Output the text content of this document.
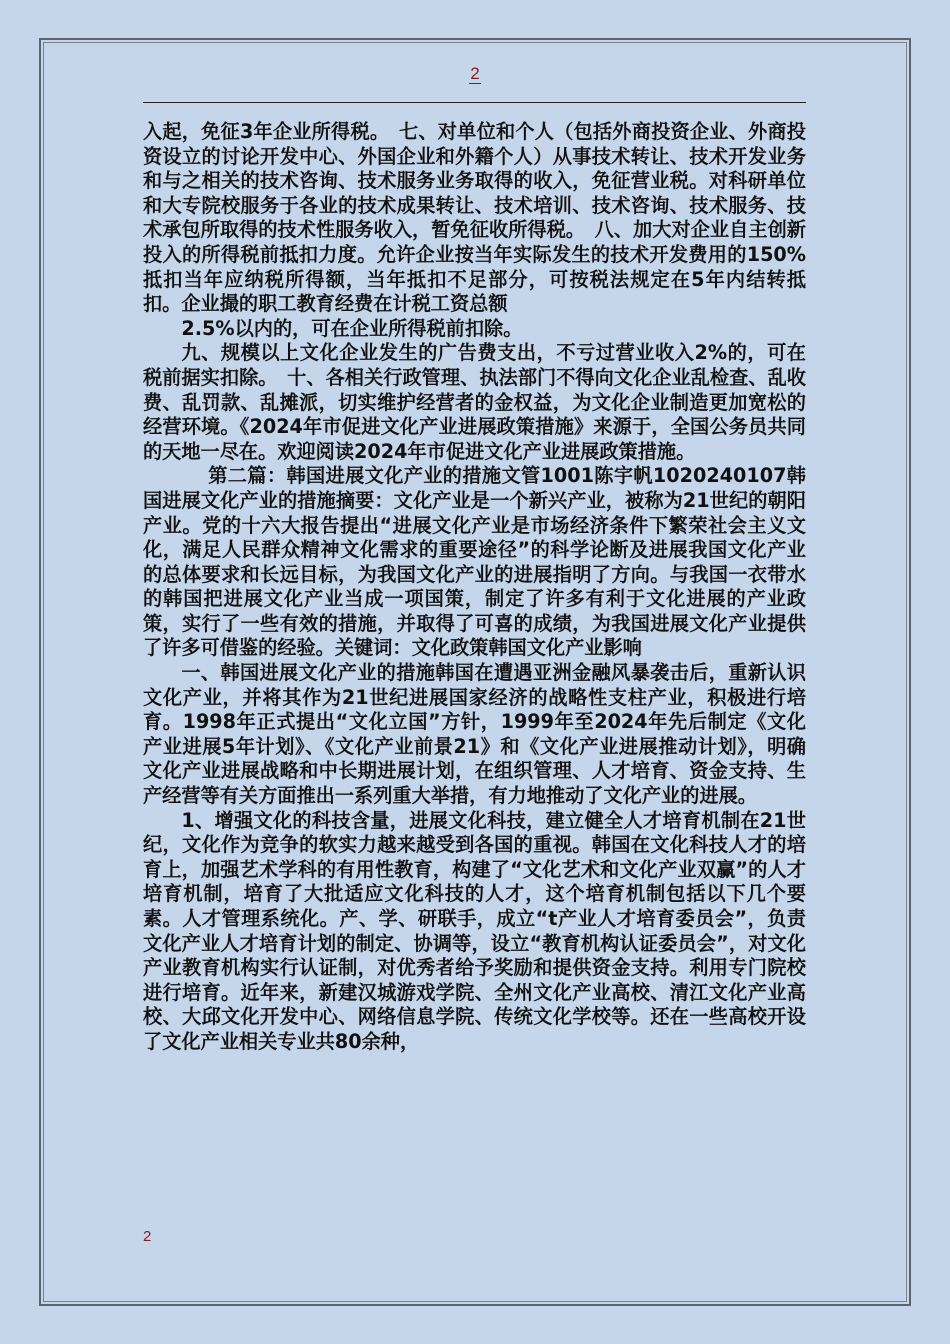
2

入起，免征3年企业所得税。　七、对单位和个人（包括外商投资企业、外商投资设立的讨论开发中心、外国企业和外籍个人）从事技术转让、技术开发业务和与之相关的技术咨询、技术服务业务取得的收入，免征营业税。对科研单位和大专院校服务于各业的技术成果转让、技术培训、技术咨询、技术服务、技术承包所取得的技术性服务收入，暂免征收所得税。　八、加大对企业自主创新投入的所得税前抵扣力度。允许企业按当年实际发生的技术开发费用的150%抵扣当年应纳税所得额，当年抵扣不足部分，可按税法规定在5年内结转抵扣。企业撮的职工教育经费在计税工资总额

2.5%以内的，可在企业所得税前扣除。

九、规模以上文化企业发生的广告费支出，不亏过营业收入2%的，可在税前据实扣除。　十、各相关行政管理、执法部门不得向文化企业乱检查、乱收费、乱罚款、乱摊派，切实维护经营者的金权益，为文化企业制造更加宽松的经营环境。《2024年市促进文化产业进展政策措施》来源于，全国公务员共同的天地一尽在。欢迎阅读2024年市促进文化产业进展政策措施。

第二篇：韩国进展文化产业的措施文管1001陈宇帆1020240107韩国进展文化产业的措施摘要：文化产业是一个新兴产业，被称为21世纪的朝阳产业。党的十六大报告提出“进展文化产业是市场经济条件下繁荣社会主义文化，满足人民群众精神文化需求的重要途径”的科学论断及进展我国文化产业的总体要求和长远目标，为我国文化产业的进展指明了方向。与我国一衣带水的韩国把进展文化产业当成一项国策，制定了许多有利于文化进展的产业政策，实行了一些有效的措施，并取得了可喜的成绩，为我国进展文化产业提供了许多可借鉴的经验。关键词：文化政策韩国文化产业影响

一、韩国进展文化产业的措施韩国在遭遇亚洲金融风暴袭击后，重新认识文化产业，并将其作为21世纪进展国家经济的战略性支柱产业，积极进行培育。1998年正式提出“文化立国”方针，1999年至2024年先后制定《文化产业进展5年计划》、《文化产业前景21》和《文化产业进展推动计划》，明确文化产业进展战略和中长期进展计划，在组织管理、人才培育、资金支持、生产经营等有关方面推出一系列重大举措，有力地推动了文化产业的进展。

1、增强文化的科技含量，进展文化科技，建立健全人才培育机制在21世纪，文化作为竞争的软实力越来越受到各国的重视。韩国在文化科技人才的培育上，加强艺术学科的有用性教育，构建了“文化艺术和文化产业双赢”的人才培育机制，培育了大批适应文化科技的人才，这个培育机制包括以下几个要素。人才管理系统化。产、学、研联手，成立“t产业人才培育委员会”，负责文化产业人才培育计划的制定、协调等，设立“教育机构认证委员会”，对文化产业教育机构实行认证制，对优秀者给予奖励和提供资金支持。利用专门院校进行培育。近年来，新建汉城游戏学院、全州文化产业高校、清江文化产业高校、大邱文化开发中心、网络信息学院、传统文化学校等。还在一些高校开设了文化产业相关专业共80余种，

2
